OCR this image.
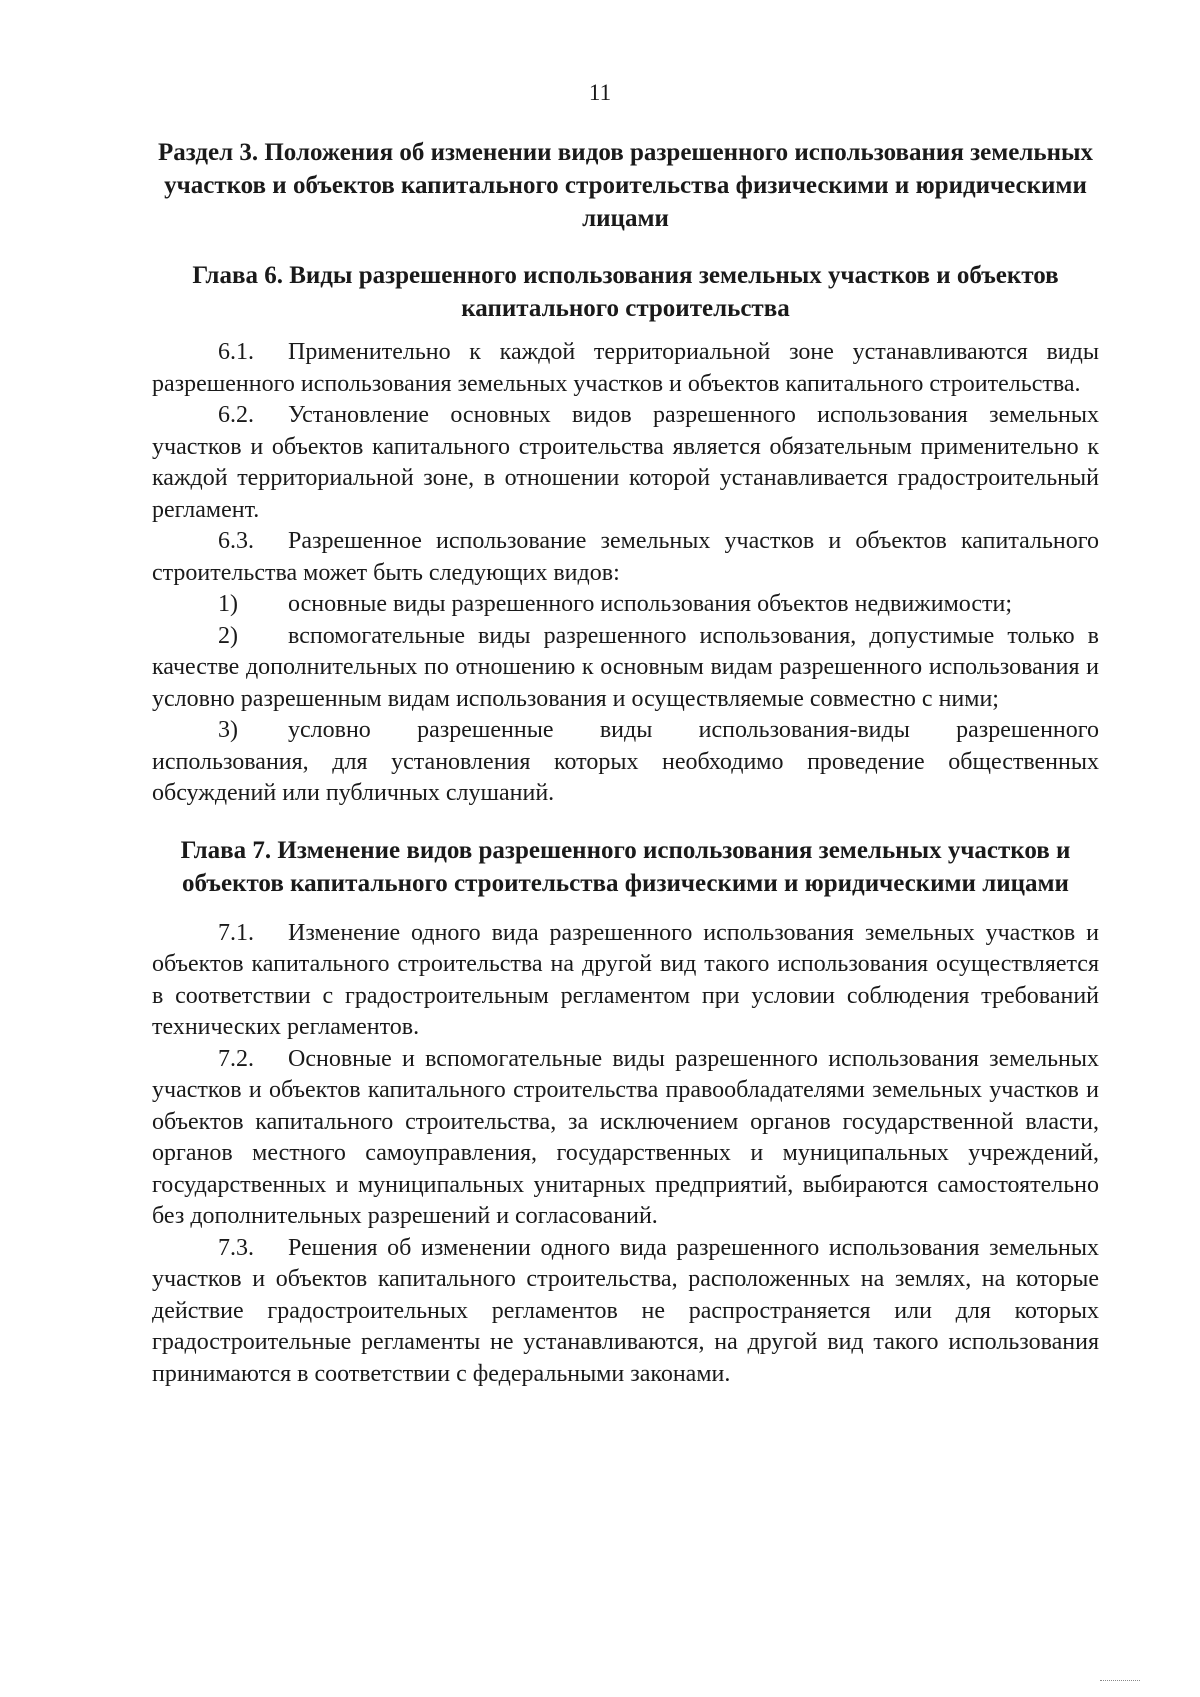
11
Раздел 3. Положения об изменении видов разрешенного использования земельных участков и объектов капитального строительства физическими и юридическими лицами
Глава 6. Виды разрешенного использования земельных участков и объектов капитального строительства

6.1. Применительно к каждой территориальной зоне устанавливаются виды разрешенного использования земельных участков и объектов капитального строительства.

6.2. Установление основных видов разрешенного использования земельных участков и объектов капитального строительства является обязательным применительно к каждой территориальной зоне, в отношении которой устанавливается градостроительный регламент.

6.3. Разрешенное использование земельных участков и объектов капитального строительства может быть следующих видов:

1) основные виды разрешенного использования объектов недвижимости;

2) вспомогательные виды разрешенного использования, допустимые только в качестве дополнительных по отношению к основным видам разрешенного использования и условно разрешенным видам использования и осуществляемые совместно с ними;

3) условно разрешенные виды использования-виды разрешенного использования, для установления которых необходимо проведение общественных обсуждений или публичных слушаний.

Глава 7. Изменение видов разрешенного использования земельных участков и объектов капитального строительства физическими и юридическими лицами

7.1. Изменение одного вида разрешенного использования земельных участков и объектов капитального строительства на другой вид такого использования осуществляется в соответствии с градостроительным регламентом при условии соблюдения требований технических регламентов.

7.2. Основные и вспомогательные виды разрешенного использования земельных участков и объектов капитального строительства правообладателями земельных участков и объектов капитального строительства, за исключением органов государственной власти, органов местного самоуправления, государственных и муниципальных учреждений, государственных и муниципальных унитарных предприятий, выбираются самостоятельно без дополнительных разрешений и согласований.

7.3. Решения об изменении одного вида разрешенного использования земельных участков и объектов капитального строительства, расположенных на землях, на которые действие градостроительных регламентов не распространяется или для которых градостроительные регламенты не устанавливаются, на другой вид такого использования принимаются в соответствии с федеральными законами.
